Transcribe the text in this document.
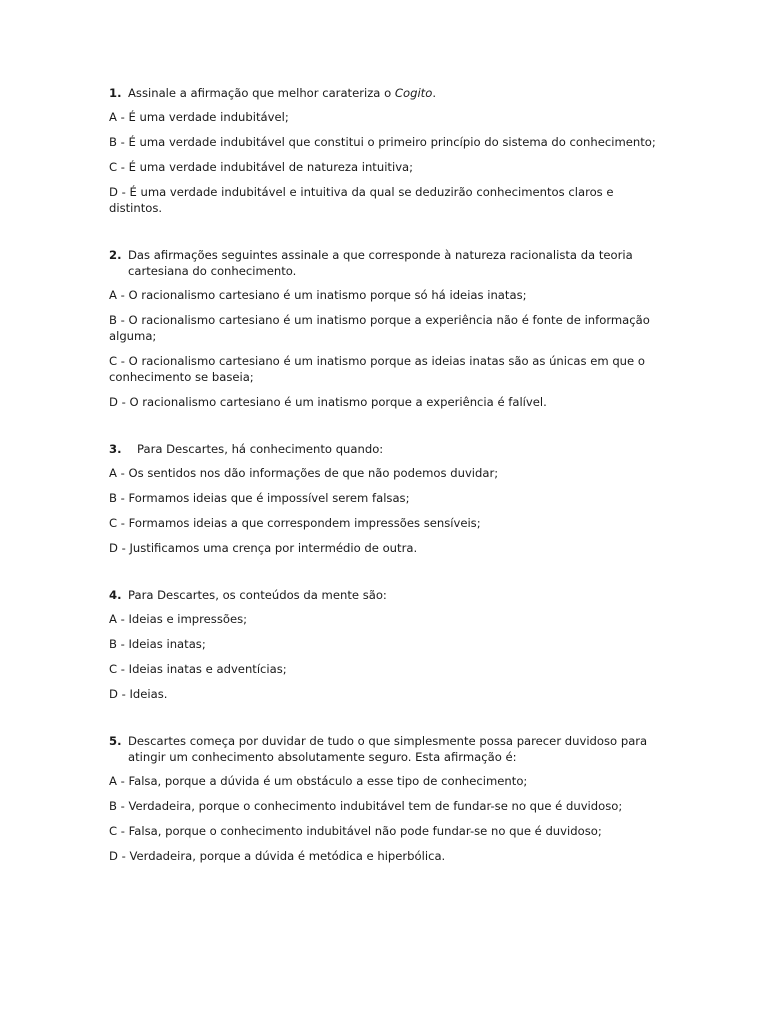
1. Assinale a afirmação que melhor carateriza o Cogito.
A - É uma verdade indubitável;
B - É uma verdade indubitável que constitui o primeiro princípio do sistema do conhecimento;
C - É uma verdade indubitável de natureza intuitiva;
D - É uma verdade indubitável e intuitiva da qual se deduzirão conhecimentos claros e distintos.
2. Das afirmações seguintes assinale a que corresponde à natureza racionalista da teoria cartesiana do conhecimento.
A - O racionalismo cartesiano é um inatismo porque só há ideias inatas;
B - O racionalismo cartesiano é um inatismo porque a experiência não é fonte de informação alguma;
C - O racionalismo cartesiano é um inatismo porque as ideias inatas são as únicas em que o conhecimento se baseia;
D - O racionalismo cartesiano é um inatismo porque a experiência é falível.
3.	Para Descartes, há conhecimento quando:
A - Os sentidos nos dão informações de que não podemos duvidar;
B - Formamos ideias que é impossível serem falsas;
C - Formamos ideias a que correspondem impressões sensíveis;
D - Justificamos uma crença por intermédio de outra.
4. Para Descartes, os conteúdos da mente são:
A - Ideias e impressões;
B - Ideias inatas;
C - Ideias inatas e adventícias;
D - Ideias.
5. Descartes começa por duvidar de tudo o que simplesmente possa parecer duvidoso para atingir um conhecimento absolutamente seguro. Esta afirmação é:
A - Falsa, porque a dúvida é um obstáculo a esse tipo de conhecimento;
B - Verdadeira, porque o conhecimento indubitável tem de fundar-se no que é duvidoso;
C - Falsa, porque o conhecimento indubitável não pode fundar-se no que é duvidoso;
D - Verdadeira, porque a dúvida é metódica e hiperbólica.
